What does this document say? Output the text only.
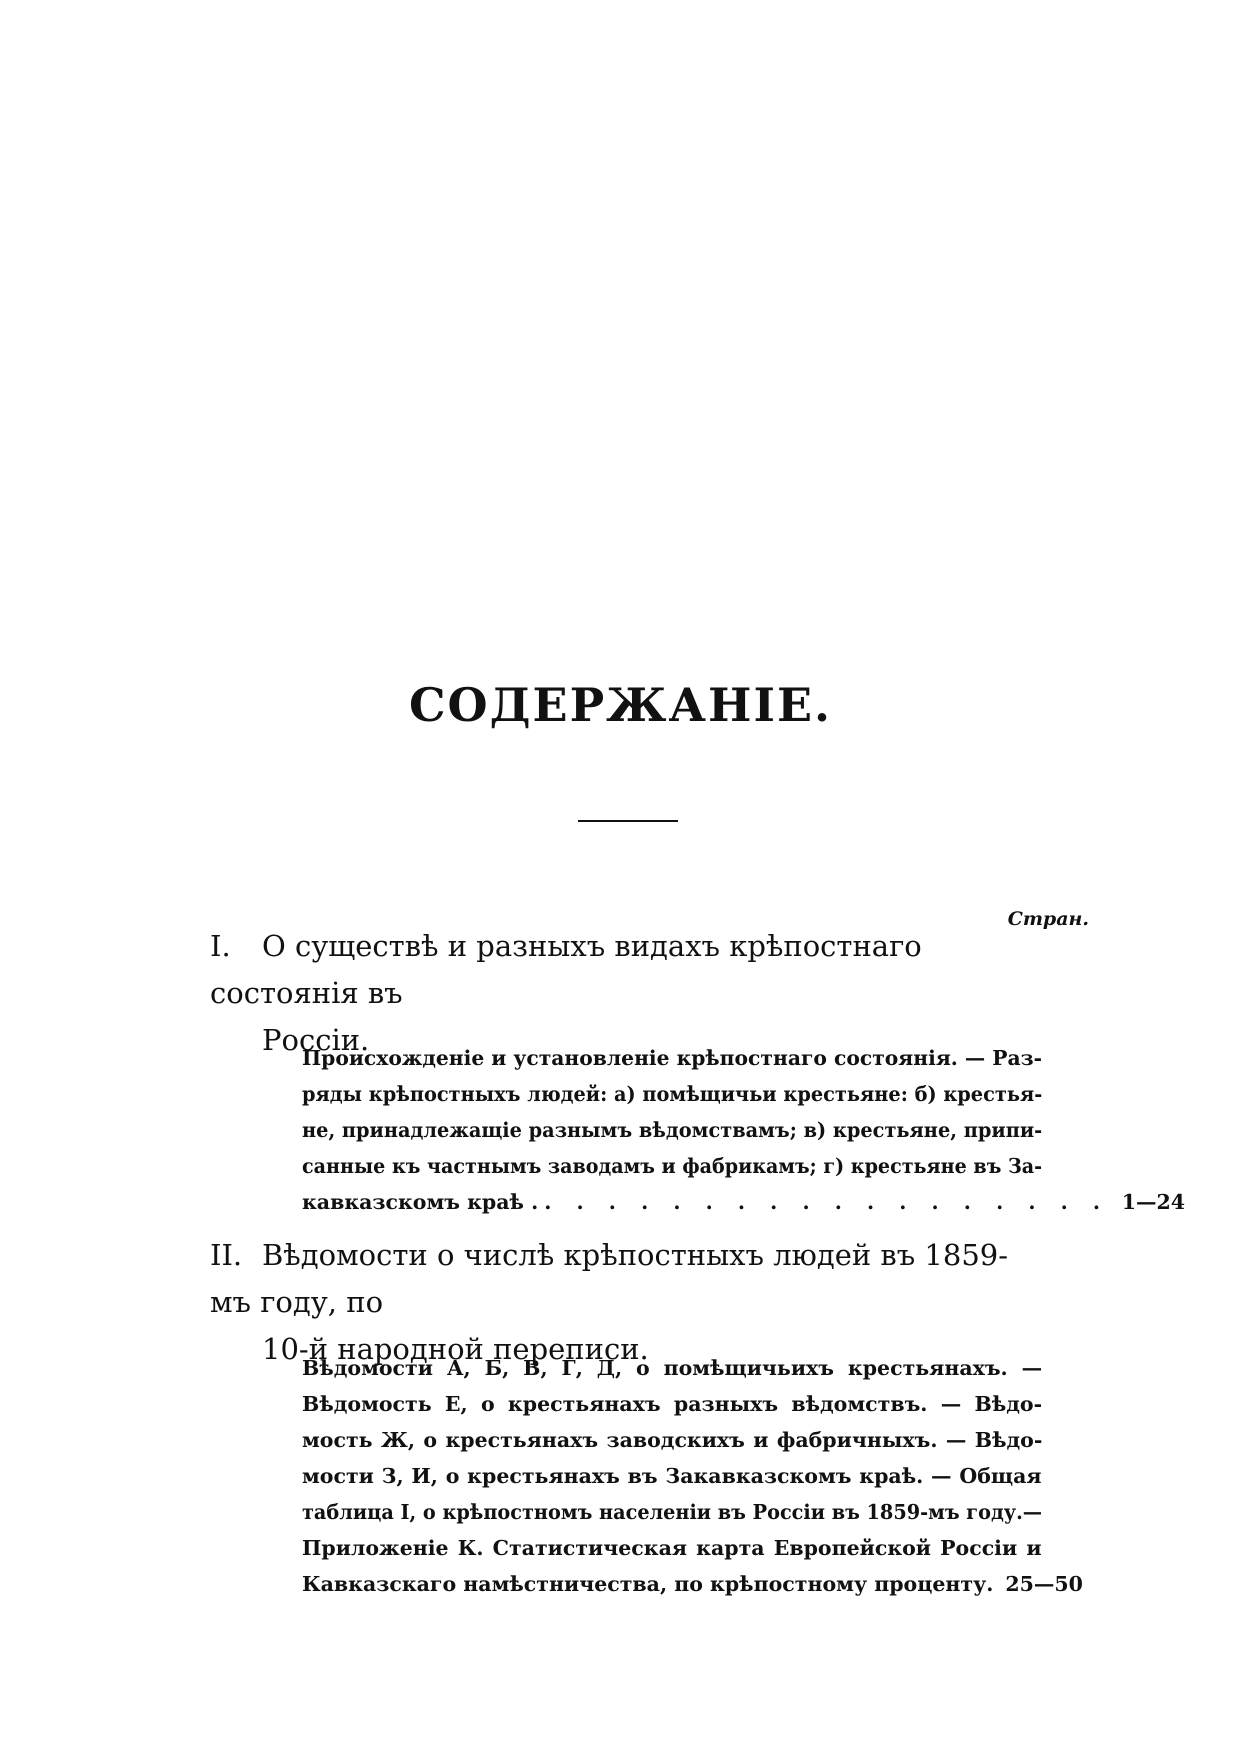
СОДЕРЖАНІЕ.
Стран.
I. О существѣ и разныхъ видахъ крѣпостнаго состоянія въ
Россіи.
Происхожденіе и установленіе крѣпостнаго состоянія. — Раз-
ряды крѣпостныхъ людей: а) помѣщичьи крестьяне: б) крестья-
не, принадлежащіе разнымъ вѣдомствамъ; в) крестьяне, припи-
санные къ частнымъ заводамъ и фабрикамъ; г) крестьяне въ За-
кавказскомъ краѣ . . . . . . . . . . . . . . . . . . . 1—24
II. Вѣдомости о числѣ крѣпостныхъ людей въ 1859-мъ году, по
10-й народной переписи.
Вѣдомости А, Б, В, Г, Д, о помѣщичьихъ крестьянахъ. —
Вѣдомость Е, о крестьянахъ разныхъ вѣдомствъ. — Вѣдо-
мость Ж, о крестьянахъ заводскихъ и фабричныхъ. — Вѣдо-
мости З, И, о крестьянахъ въ Закавказскомъ краѣ. — Общая
таблица I, о крѣпостномъ населеніи въ Россіи въ 1859-мъ году.—
Приложеніе К. Статистическая карта Европейской Россіи и
Кавказскаго намѣстничества, по крѣпостному проценту. 25—50
